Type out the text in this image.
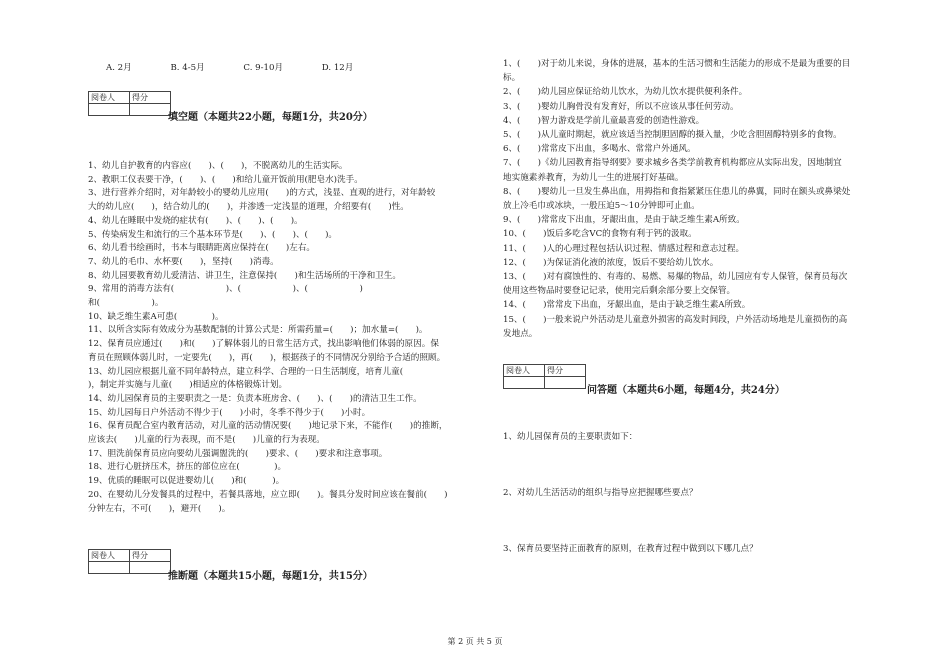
A. 2月	B. 4-5月	C. 9-10月	D. 12月
阅卷人	得分

填空题（本题共22小题，每题1分，共20分）
1、幼儿自护教育的内容应(　　)、(　　)，不脱离幼儿的生活实际。
2、教职工仪表要干净，(　　)、(　　)和给儿童开饭前用(肥皂水)洗手。
3、进行营养介绍时，对年龄较小的婴幼儿应用(　　)的方式，浅显、直观的进行，对年龄较
大的幼儿应(　　)，结合幼儿的(　　)，并渗透一定浅显的道理，介绍要有(　　)性。
4、幼儿在睡眠中发烧的症状有(　　)、(　　)、(　　)。
5、传染病发生和流行的三个基本环节是(　　)、(　　)、(　　)。
6、幼儿看书绘画时，书本与眼睛距离应保持在(　　)左右。
7、幼儿的毛巾、水杯要(　　)，坚持(　　)消毒。
8、幼儿园要教育幼儿爱清洁、讲卫生，注意保持(　　)和生活场所的干净和卫生。
9、常用的消毒方法有(　　　　　　)、(　　　　　　)、(　　　　　　)
和(　　　　　　)。
10、缺乏维生素A可患(　　　　)。
11、以所含实际有效成分为基数配制的计算公式是：所需药量=(　　)；加水量=(　　)。
12、保育员应通过(　　)和(　　)了解体弱儿的日常生活方式，找出影响他们体弱的原因。保
育员在照顾体弱儿时，一定要先(　　)，再(　　)，根据孩子的不同情况分别给予合适的照顾。
13、幼儿园应根据儿童不同年龄特点，建立科学、合理的一日生活制度，培育儿童(　　
)，制定并实施与儿童(　　)相适应的体格锻炼计划。
14、幼儿园保育员的主要职责之一是：负责本班房舍、(　　)、(　　)的清洁卫生工作。
15、幼儿园每日户外活动不得少于(　　)小时，冬季不得少于(　　)小时。
16、保育员配合室内教育活动，对儿童的活动情况要(　　)地记录下来，不能作(　　)的推断，
应该去(　　)儿童的行为表现，而不是(　　)儿童的行为表现。
17、胆洗前保育员应向要幼儿强调盥洗的(　　)要求、(　　)要求和注意事项。
18、进行心脏挤压术，挤压的部位应在(　　　　)。
19、优质的睡眠可以促进婴幼儿(　　)和(　　　)。
20、在婴幼儿分发餐具的过程中，若餐具落地，应立即(　　)。餐具分发时间应该在餐前(　　)
分钟左右，不可(　　)，避开(　　)。
阅卷人	得分

推断题（本题共15小题，每题1分，共15分）
1、(　　)对于幼儿来说，身体的进展，基本的生活习惯和生活能力的形成不是最为重要的目
标。
2、(　　)幼儿园应保证给幼儿饮水，为幼儿饮水提供便利条件。
3、(　　)婴幼儿胸骨没有发育好，所以不应该从事任何劳动。
4、(　　)智力游戏是学前儿童最喜爱的创造性游戏。
5、(　　)从儿童时期起，就应该适当控制胆固醇的摄入量，少吃含胆固醇特别多的食物。
6、(　　)常常皮下出血，多喝水、常常户外通风。
7、(　　)《幼儿园教育指导纲要》要求城乡各类学前教育机构都应从实际出发，因地制宜
地实施素养教育，为幼儿一生的进展打好基础。
8、(　　)婴幼儿一旦发生鼻出血，用拇指和食指紧紧压住患儿的鼻翼，同时在额头或鼻梁处
放上冷毛巾或冰块，一般压迫5～10分钟即可止血。
9、(　　)常常皮下出血，牙龈出血，是由于缺乏维生素A所致。
10、(　　)饭后多吃含VC的食物有利于钙的汲取。
11、(　　)人的心理过程包括认识过程、情感过程和意志过程。
12、(　　)为保证消化液的浓度，饭后不要给幼儿饮水。
13、(　　)对有腐蚀性的、有毒的、易燃、易爆的物品，幼儿园应有专人保管，保育员每次
使用这些物品时要登记记录，使用完后剩余部分要上交保管。
14、(　　)常常皮下出血，牙龈出血，是由于缺乏维生素A所致。
15、(　　)一般来说户外活动是儿童意外损害的高发时间段，户外活动场地是儿童损伤的高
发地点。
阅卷人	得分

问答题（本题共6小题，每题4分，共24分）
1、幼儿园保育员的主要职责如下：
2、对幼儿生活活动的组织与指导应把握哪些要点？
3、保育员要坚持正面教育的原则，在教育过程中做到以下哪几点？
第 2 页 共 5 页
